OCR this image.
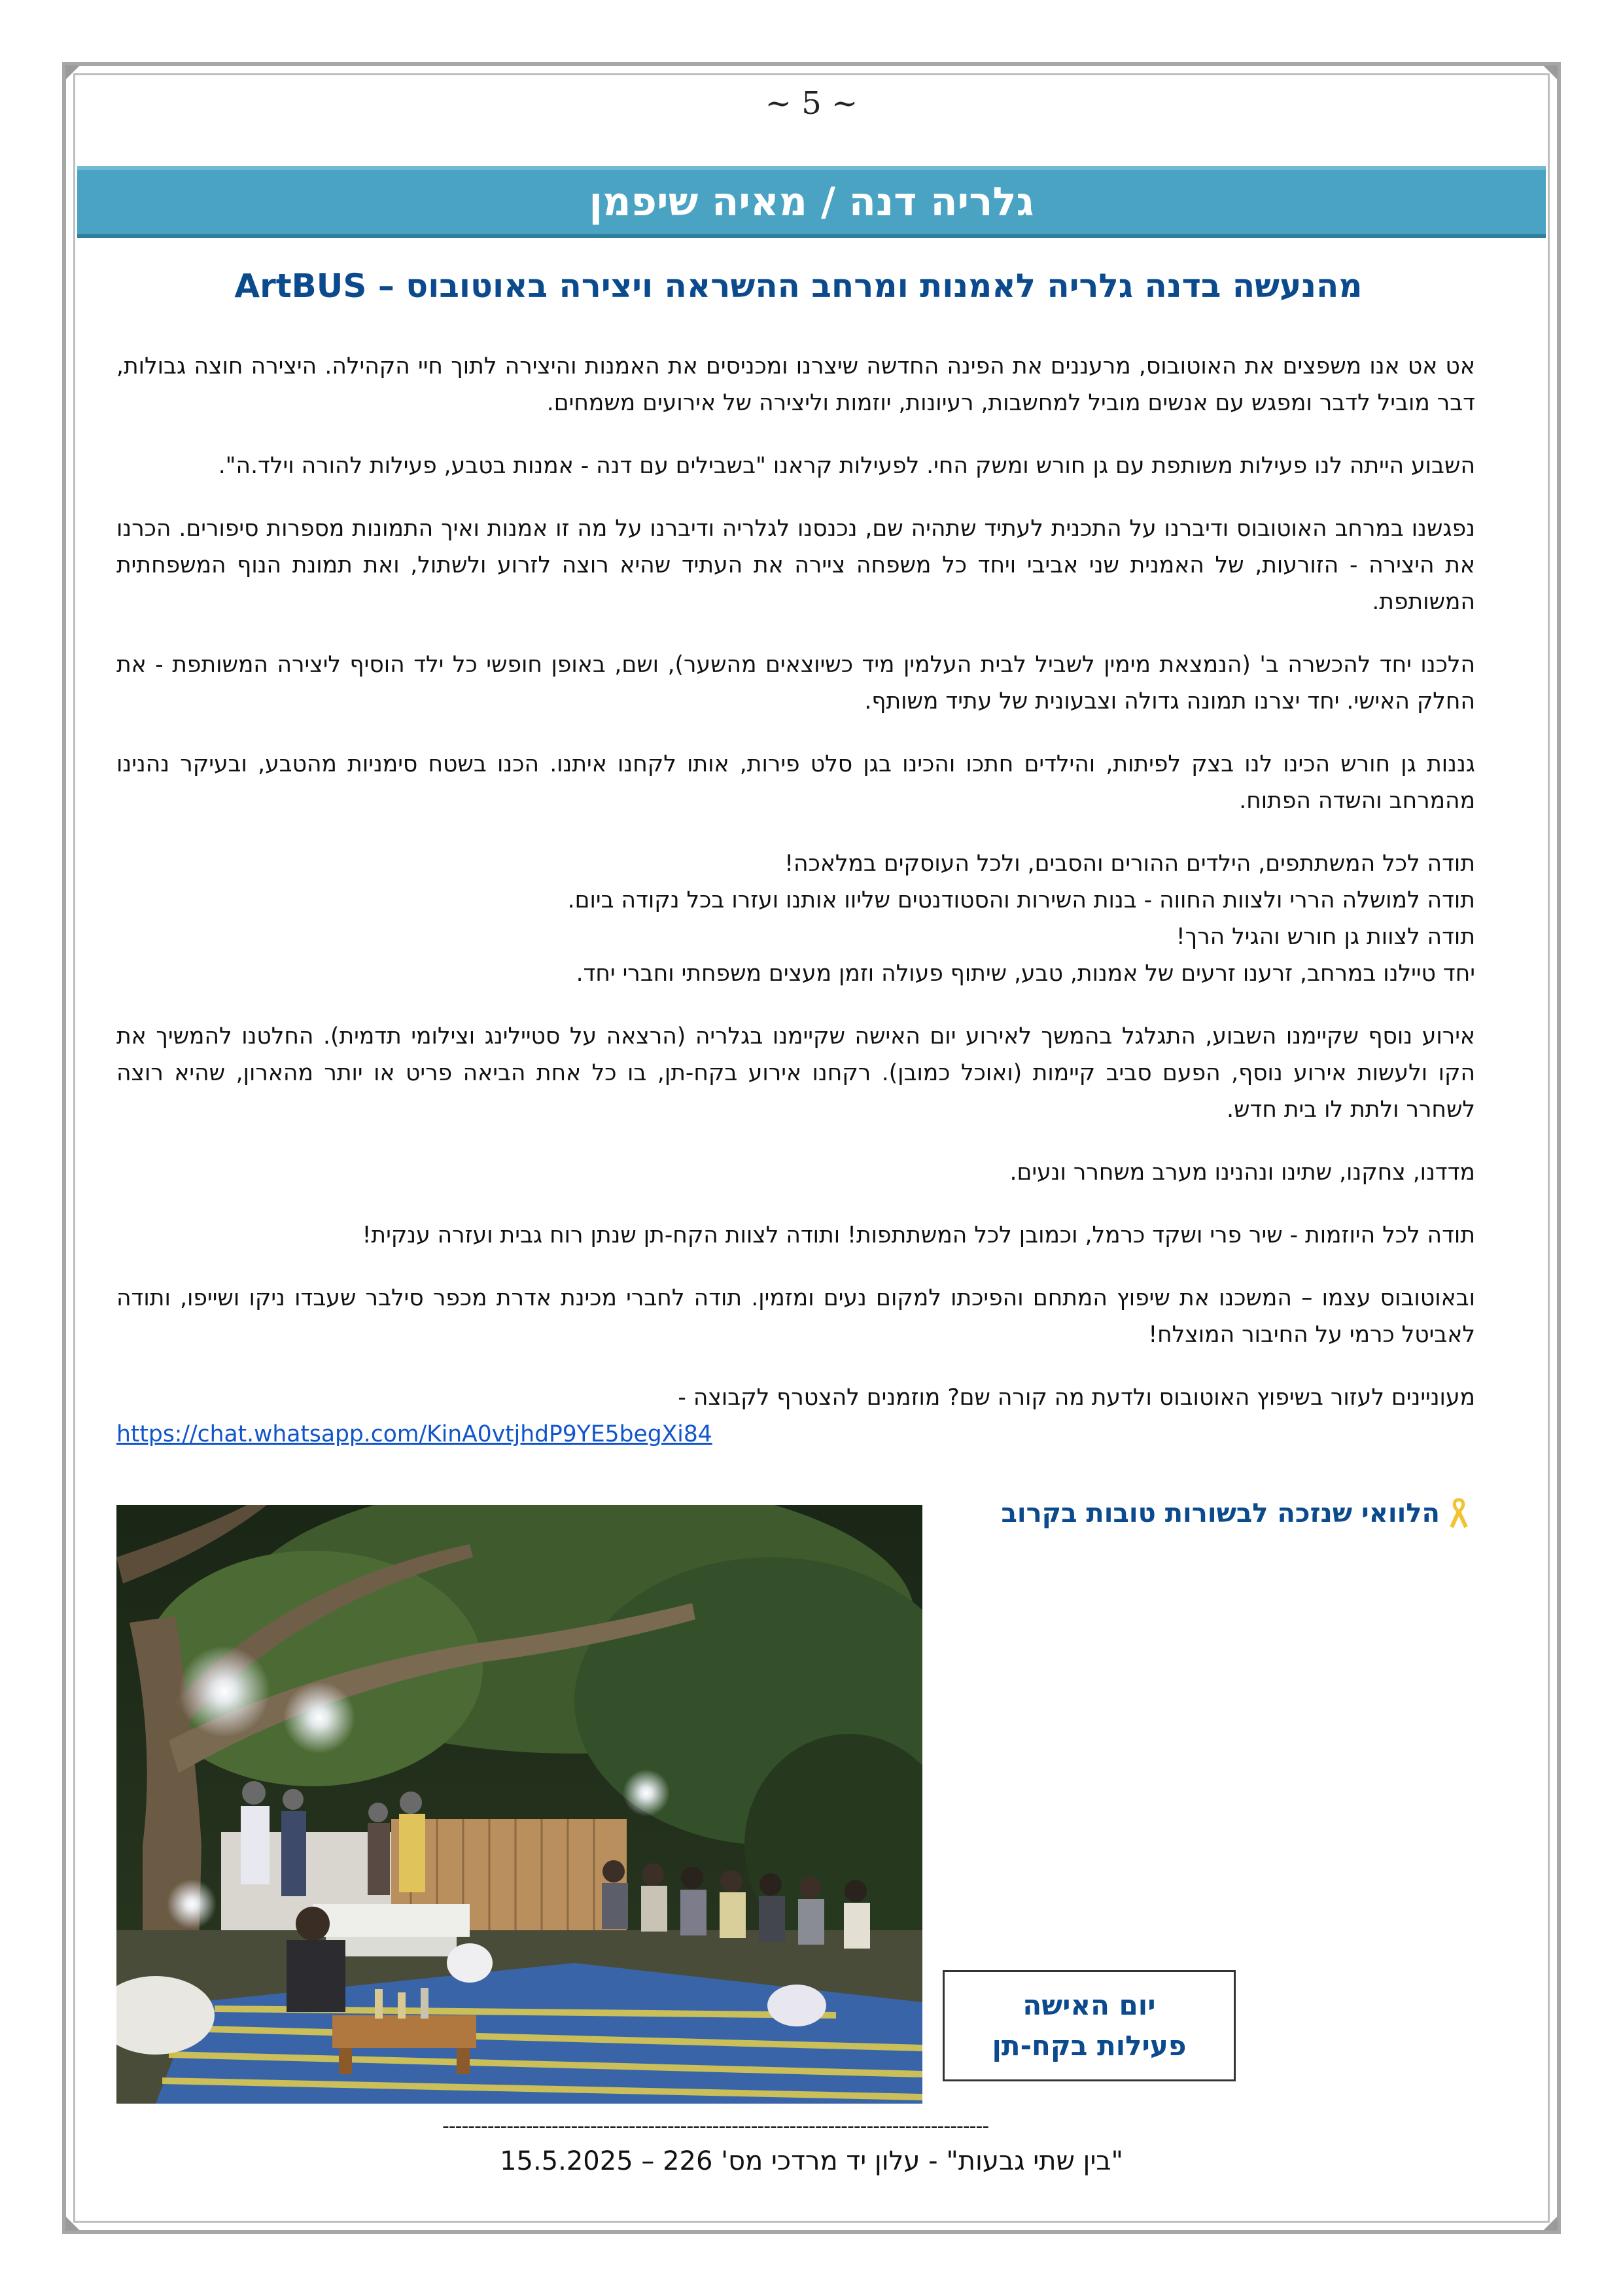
~ 5 ~
גלריה דנה / מאיה שיפמן
מהנעשה בדנה גלריה לאמנות ומרחב ההשראה ויצירה באוטובוס – ArtBUS

אט אט אנו משפצים את האוטובוס, מרעננים את הפינה החדשה שיצרנו ומכניסים את האמנות והיצירה לתוך חיי הקהילה. היצירה חוצה גבולות, דבר מוביל לדבר ומפגש עם אנשים מוביל למחשבות, רעיונות, יוזמות וליצירה של אירועים משמחים.

השבוע הייתה לנו פעילות משותפת עם גן חורש ומשק החי. לפעילות קראנו "בשבילים עם דנה - אמנות בטבע, פעילות להורה וילד.ה".

נפגשנו במרחב האוטובוס ודיברנו על התכנית לעתיד שתהיה שם, נכנסנו לגלריה ודיברנו על מה זו אמנות ואיך התמונות מספרות סיפורים. הכרנו את היצירה - הזורעות, של האמנית שני אביבי ויחד כל משפחה ציירה את העתיד שהיא רוצה לזרוע ולשתול, ואת תמונת הנוף המשפחתית המשותפת.

הלכנו יחד להכשרה ב' (הנמצאת מימין לשביל לבית העלמין מיד כשיוצאים מהשער), ושם, באופן חופשי כל ילד הוסיף ליצירה המשותפת - את החלק האישי. יחד יצרנו תמונה גדולה וצבעונית של עתיד משותף.

גננות גן חורש הכינו לנו בצק לפיתות, והילדים חתכו והכינו בגן סלט פירות, אותו לקחנו איתנו. הכנו בשטח סימניות מהטבע, ובעיקר נהנינו מהמרחב והשדה הפתוח.

תודה לכל המשתתפים, הילדים ההורים והסבים, ולכל העוסקים במלאכה!
תודה למושלה הררי ולצוות החווה - בנות השירות והסטודנטים שליוו אותנו ועזרו בכל נקודה ביום.
תודה לצוות גן חורש והגיל הרך!
יחד טיילנו במרחב, זרענו זרעים של אמנות, טבע, שיתוף פעולה וזמן מעצים משפחתי וחברי יחד.

אירוע נוסף שקיימנו השבוע, התגלגל בהמשך לאירוע יום האישה שקיימנו בגלריה (הרצאה על סטיילינג וצילומי תדמית). החלטנו להמשיך את הקו ולעשות אירוע נוסף, הפעם סביב קיימות (ואוכל כמובן). רקחנו אירוע בקח-תן, בו כל אחת הביאה פריט או יותר מהארון, שהיא רוצה לשחרר ולתת לו בית חדש.

מדדנו, צחקנו, שתינו ונהנינו מערב משחרר ונעים.

תודה לכל היוזמות - שיר פרי ושקד כרמל, וכמובן לכל המשתתפות! ותודה לצוות הקח-תן שנתן רוח גבית ועזרה ענקית!

ובאוטובוס עצמו – המשכנו את שיפוץ המתחם והפיכתו למקום נעים ומזמין. תודה לחברי מכינת אדרת מכפר סילבר שעבדו ניקו ושייפו, ותודה לאביטל כרמי על החיבור המוצלח!

מעוניינים לעזור בשיפוץ האוטובוס ולדעת מה קורה שם? מוזמנים להצטרף לקבוצה -

https://chat.whatsapp.com/KinA0vtjhdP9YE5begXi84
הלוואי שנזכה לבשורות טובות בקרוב
יום האישה
פעילות בקח-תן
-------------------------------------------------------------------------------------
"בין שתי גבעות" - עלון יד מרדכי מס' 226 – 15.5.2025
